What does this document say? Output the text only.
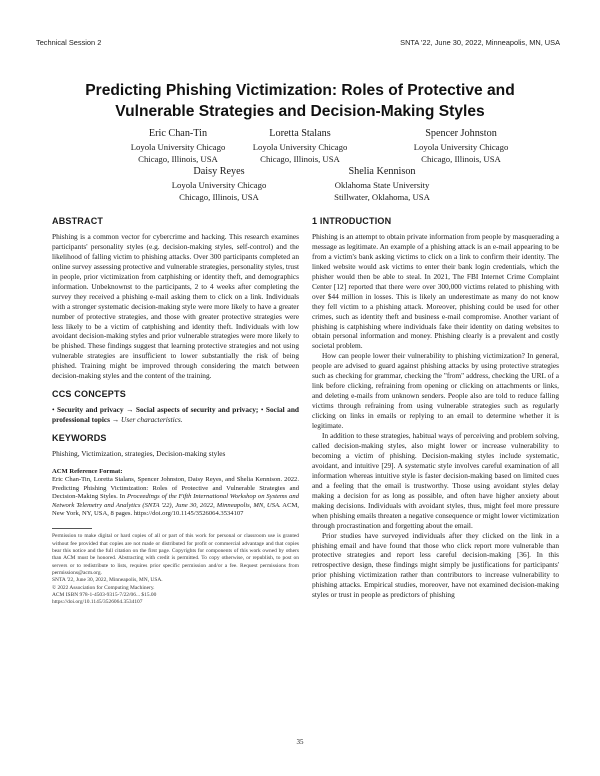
Technical Session 2	SNTA '22, June 30, 2022, Minneapolis, MN, USA
Predicting Phishing Victimization: Roles of Protective and
Vulnerable Strategies and Decision-Making Styles
Eric Chan-Tin
Loyola University Chicago
Chicago, Illinois, USA
Loretta Stalans
Loyola University Chicago
Chicago, Illinois, USA
Spencer Johnston
Loyola University Chicago
Chicago, Illinois, USA
Daisy Reyes
Loyola University Chicago
Chicago, Illinois, USA
Shelia Kennison
Oklahoma State University
Stillwater, Oklahoma, USA
ABSTRACT

Phishing is a common vector for cybercrime and hacking. This research examines participants' personality styles (e.g. decision-making styles, self-control) and the likelihood of falling victim to phishing attacks. Over 300 participants completed an online survey assessing protective and vulnerable strategies, personality styles, trust in people, prior victimization from catphishing or identity theft, and demographics information. Unbeknownst to the participants, 2 to 4 weeks after completing the survey they received a phishing e-mail asking them to click on a link. Individuals with a stronger systematic decision-making style were more likely to have a greater number of protective strategies, and those with greater protective strategies were less likely to be a victim of catphishing and identity theft. Individuals with low avoidant decision-making styles and prior vulnerable strategies were more likely to be phished. These findings suggest that learning protective strategies and not using vulnerable strategies are insufficient to lower substantially the risk of being phished. Training might be improved through considering the match between decision-making styles and the content of the training.

CCS CONCEPTS

• Security and privacy → Social aspects of security and privacy; • Social and professional topics → User characteristics.

KEYWORDS

Phishing, Victimization, strategies, Decision-making styles

ACM Reference Format:

Eric Chan-Tin, Loretta Stalans, Spencer Johnston, Daisy Reyes, and Shelia Kennison. 2022. Predicting Phishing Victimization: Roles of Protective and Vulnerable Strategies and Decision-Making Styles. In Proceedings of the Fifth International Workshop on Systems and Network Telemetry and Analytics (SNTA '22), June 30, 2022, Minneapolis, MN, USA. ACM, New York, NY, USA, 8 pages. https://doi.org/10.1145/3526064.3534107

Permission to make digital or hard copies of all or part of this work for personal or classroom use is granted without fee provided that copies are not made or distributed for profit or commercial advantage and that copies bear this notice and the full citation on the first page. Copyrights for components of this work owned by others than ACM must be honored. Abstracting with credit is permitted. To copy otherwise, or republish, to post on servers or to redistribute to lists, requires prior specific permission and/or a fee. Request permissions from permissions@acm.org.

SNTA '22, June 30, 2022, Minneapolis, MN, USA.
© 2022 Association for Computing Machinery.
ACM ISBN 978-1-4503-9315-7/22/06... $15.00
https://doi.org/10.1145/3526064.3534107
1 INTRODUCTION

Phishing is an attempt to obtain private information from people by masquerading a message as legitimate. An example of a phishing attack is an e-mail appearing to be from a victim's bank asking victims to click on a link to confirm their identity. The linked website would ask victims to enter their bank login credentials, which the phisher would then be able to steal. In 2021, The FBI Internet Crime Complaint Center [12] reported that there were over 300,000 victims related to phishing with over $44 million in losses. This is likely an underestimate as many do not know they fell victim to a phishing attack. Moreover, phishing could be used for other crimes, such as identity theft and business e-mail compromise. Another variant of phishing is catphishing where individuals fake their identity on dating websites to obtain personal information and money. Phishing clearly is a prevalent and costly societal problem.

How can people lower their vulnerability to phishing victimization? In general, people are advised to guard against phishing attacks by using protective strategies such as checking for grammar, checking the "from" address, checking the URL of a link before clicking, refraining from opening or clicking on attachments or links, and deleting e-mails from unknown senders. People also are told to reduce falling victims through refraining from using vulnerable strategies such as regularly clicking on links in emails or replying to an email to determine whether it is legitimate.

In addition to these strategies, habitual ways of perceiving and problem solving, called decision-making styles, also might lower or increase vulnerability to becoming a victim of phishing. Decision-making styles include systematic, avoidant, and intuitive [29]. A systematic style involves careful examination of all information whereas intuitive style is faster decision-making based on limited cues and a feeling that the email is trustworthy. Those using avoidant styles delay making a decision for as long as possible, and often have higher anxiety about making decisions. Individuals with avoidant styles, thus, might feel more pressure when phishing emails threaten a negative consequence or might lower victimization through procrastination and forgetting about the email.

Prior studies have surveyed individuals after they clicked on the link in a phishing email and have found that those who click report more vulnerable than protective strategies and report less careful decision-making [36]. In this retrospective design, these findings might simply be justifications for participants' prior phishing victimization rather than contributors to increase vulnerability to phishing attacks. Empirical studies, moreover, have not examined decision-making styles or trust in people as predictors of phishing

35
